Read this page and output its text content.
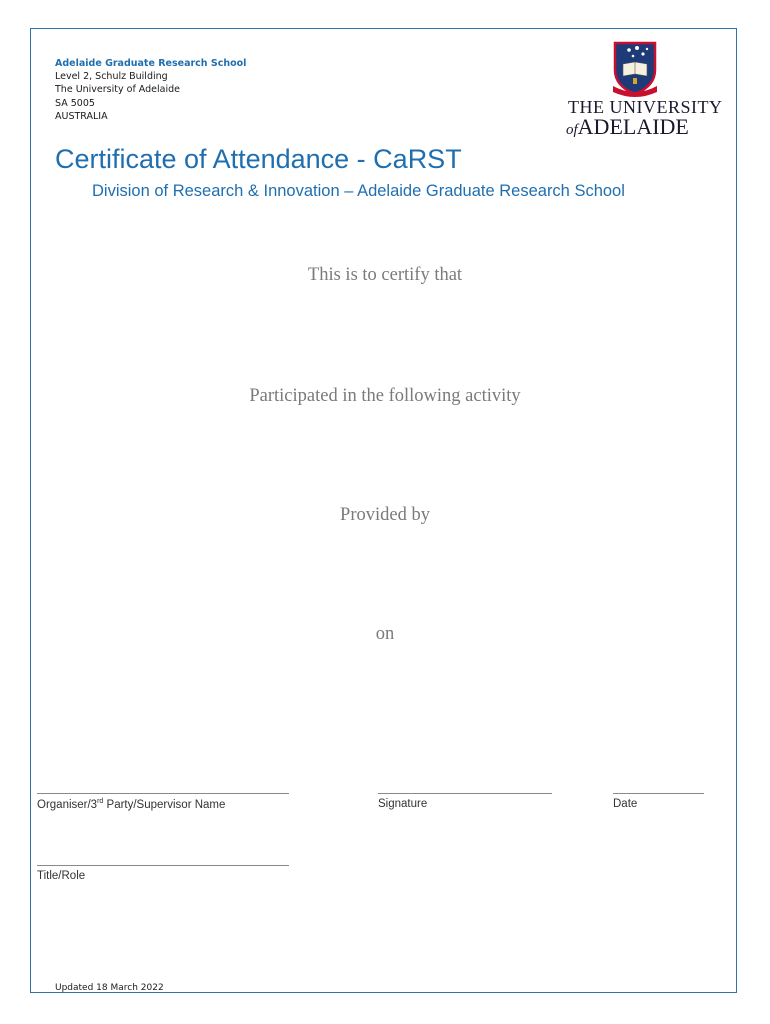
Adelaide Graduate Research School
Level 2, Schulz Building
The University of Adelaide
SA 5005
AUSTRALIA	THE UNIVERSITY
ofADELAIDE
Certificate of Attendance - CaRST
Division of Research & Innovation – Adelaide Graduate Research School
This is to certify that
Participated in the following activity
Provided by
on
Organiser/3rd Party/Supervisor Name	Signature	Date
Title/Role
Updated 18 March 2022
